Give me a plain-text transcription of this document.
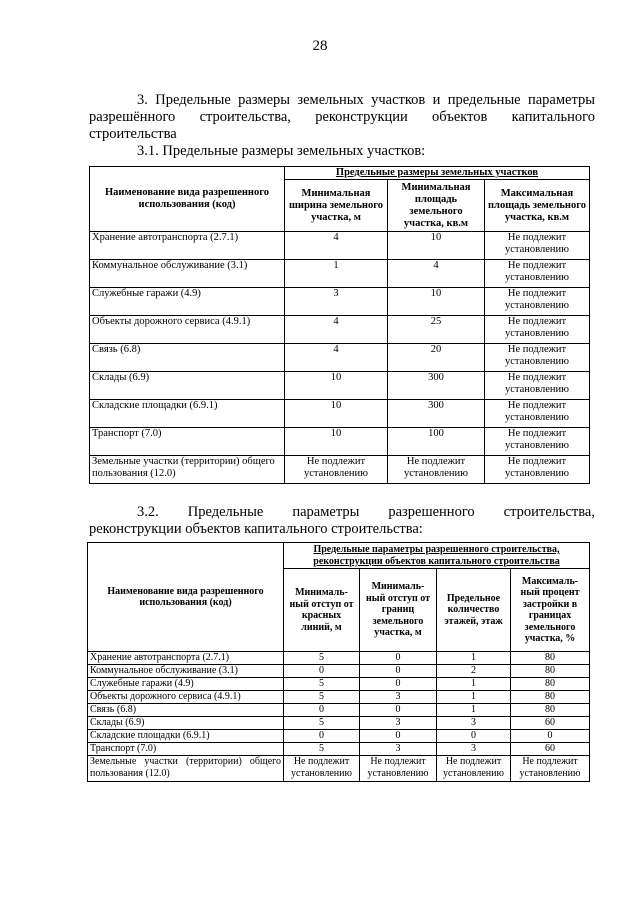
28
3. Предельные размеры земельных участков и предельные параметры
разрешённого строительства, реконструкции объектов капитального
строительства
3.1. Предельные размеры земельных участков:
Наименование вида разрешенного использования (код)	Предельные размеры земельных участков		
	Минимальная ширина земельного участка, м	Минимальная площадь земельного участка, кв.м	Максимальная площадь земельного участка, кв.м
Хранение автотранспорта (2.7.1)	4	10	Не подлежит установлению
Коммунальное обслуживание (3.1)	1	4	Не подлежит установлению
Служебные гаражи (4.9)	3	10	Не подлежит установлению
Объекты дорожного сервиса (4.9.1)	4	25	Не подлежит установлению
Связь (6.8)	4	20	Не подлежит установлению
Склады (6.9)	10	300	Не подлежит установлению
Складские площадки (6.9.1)	10	300	Не подлежит установлению
Транспорт (7.0)	10	100	Не подлежит установлению
Земельные участки (территории) общего пользования (12.0)	Не подлежит установлению	Не подлежит установлению	Не подлежит установлению
3.2. Предельные параметры разрешенного строительства,
реконструкции объектов капитального строительства:
Наименование вида разрешенного использования (код)	Предельные параметры разрешенного строительства, реконструкции объектов капитального строительства			
	Минималь-ный отступ от красных линий, м	Минималь-ный отступ от границ земельного участка, м	Предельное количество этажей, этаж	Максималь-ный процент застройки в границах земельного участка, %
Хранение автотранспорта (2.7.1)	5	0	1	80
Коммунальное обслуживание (3.1)	0	0	2	80
Служебные гаражи (4.9)	5	0	1	80
Объекты дорожного сервиса (4.9.1)	5	3	1	80
Связь (6.8)	0	0	1	80
Склады (6.9)	5	3	3	60
Складские площадки (6.9.1)	0	0	0	0
Транспорт (7.0)	5	3	3	60
Земельные участки (территории) общего пользования (12.0)	Не подлежит установлению	Не подлежит установлению	Не подлежит установлению	Не подлежит установлению
